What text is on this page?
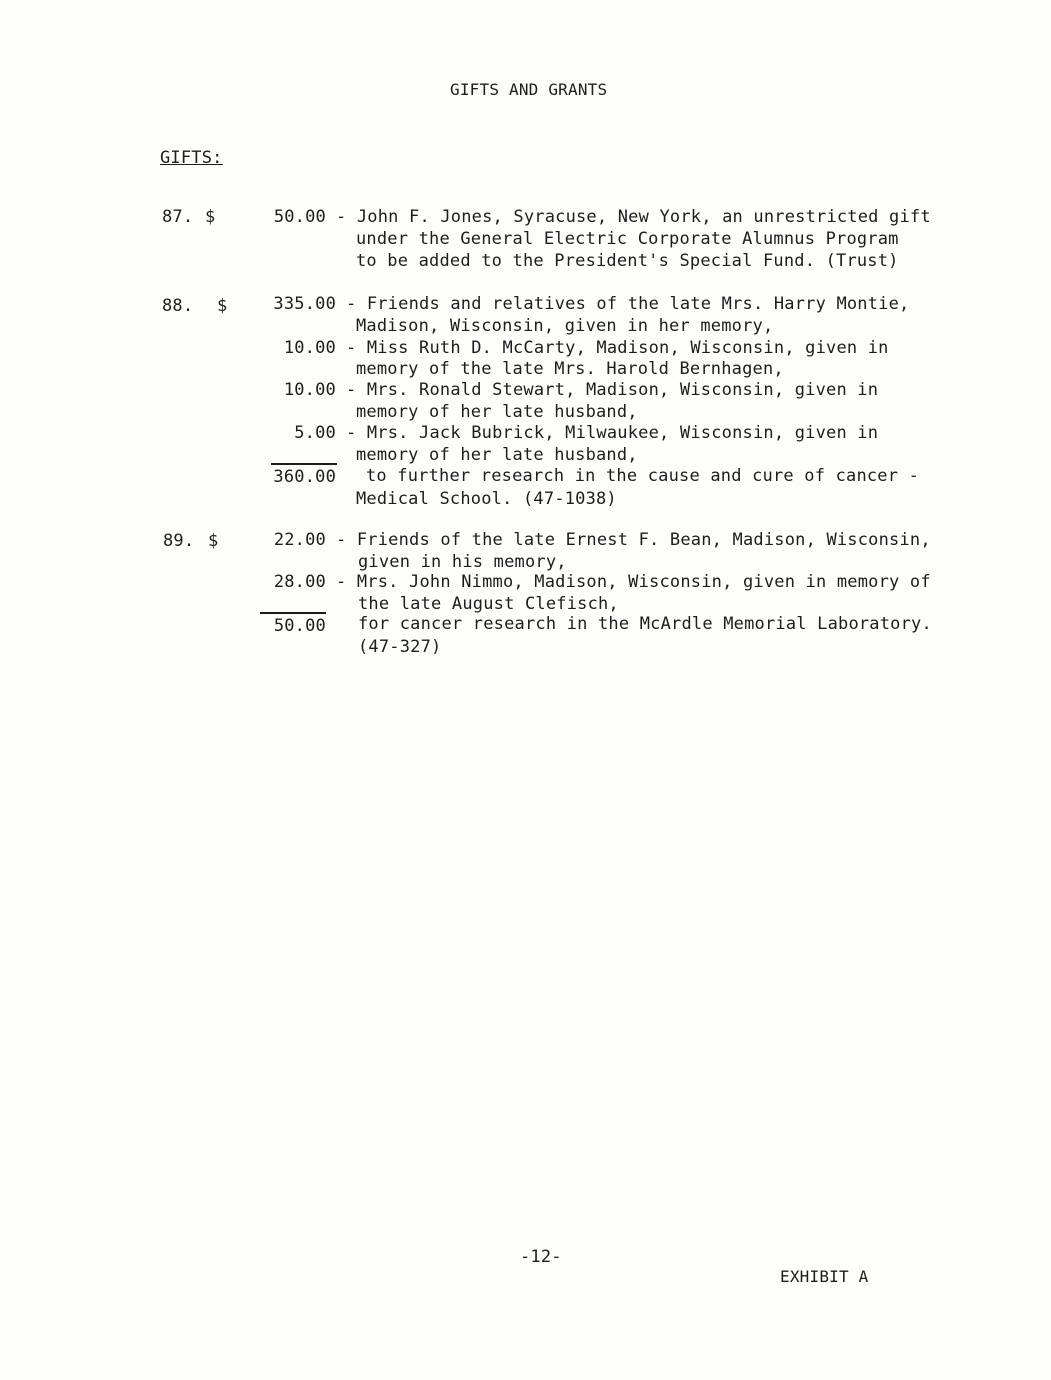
GIFTS AND GRANTS
GIFTS:
87. $	50.00 - John F. Jones, Syracuse, New York, an unrestricted gift
under the General Electric Corporate Alumnus Program
to be added to the President's Special Fund. (Trust)
88. $	335.00 - Friends and relatives of the late Mrs. Harry Montie,
Madison, Wisconsin, given in her memory,
10.00 - Miss Ruth D. McCarty, Madison, Wisconsin, given in
memory of the late Mrs. Harold Bernhagen,
10.00 - Mrs. Ronald Stewart, Madison, Wisconsin, given in
memory of her late husband,
5.00 - Mrs. Jack Bubrick, Milwaukee, Wisconsin, given in
memory of her late husband,
360.00 to further research in the cause and cure of cancer -
Medical School. (47-1038)
89. $	22.00 - Friends of the late Ernest F. Bean, Madison, Wisconsin,
given in his memory,
28.00 - Mrs. John Nimmo, Madison, Wisconsin, given in memory of
the late August Clefisch,
50.00 for cancer research in the McArdle Memorial Laboratory.
(47-327)
-12-
EXHIBIT A
